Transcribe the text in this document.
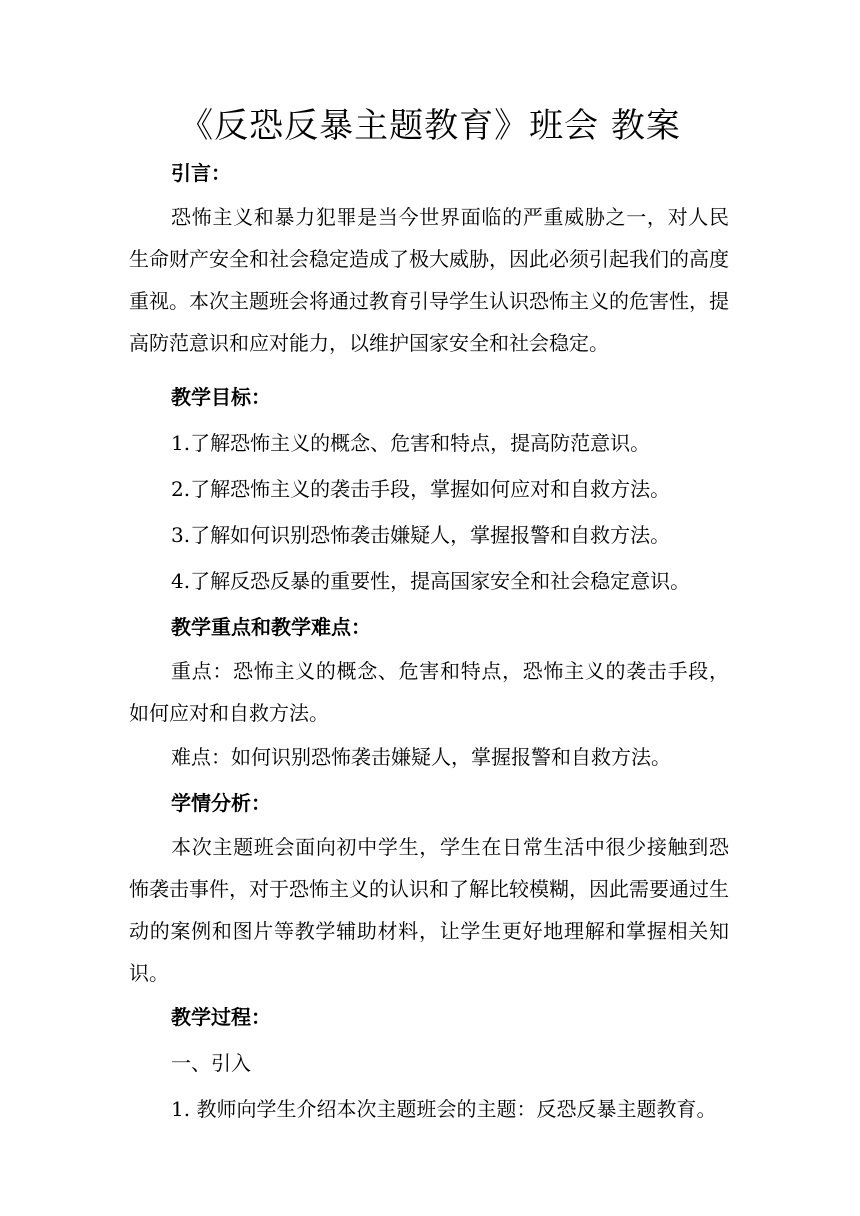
《反恐反暴主题教育》班会 教案

引言：

恐怖主义和暴力犯罪是当今世界面临的严重威胁之一，对人民生命财产安全和社会稳定造成了极大威胁，因此必须引起我们的高度重视。本次主题班会将通过教育引导学生认识恐怖主义的危害性，提高防范意识和应对能力，以维护国家安全和社会稳定。

教学目标：

1.了解恐怖主义的概念、危害和特点，提高防范意识。

2.了解恐怖主义的袭击手段，掌握如何应对和自救方法。

3.了解如何识别恐怖袭击嫌疑人，掌握报警和自救方法。

4.了解反恐反暴的重要性，提高国家安全和社会稳定意识。

教学重点和教学难点：

重点：恐怖主义的概念、危害和特点，恐怖主义的袭击手段，如何应对和自救方法。

难点：如何识别恐怖袭击嫌疑人，掌握报警和自救方法。

学情分析：

本次主题班会面向初中学生，学生在日常生活中很少接触到恐怖袭击事件，对于恐怖主义的认识和了解比较模糊，因此需要通过生动的案例和图片等教学辅助材料，让学生更好地理解和掌握相关知识。

教学过程：

一、引入

1. 教师向学生介绍本次主题班会的主题：反恐反暴主题教育。
